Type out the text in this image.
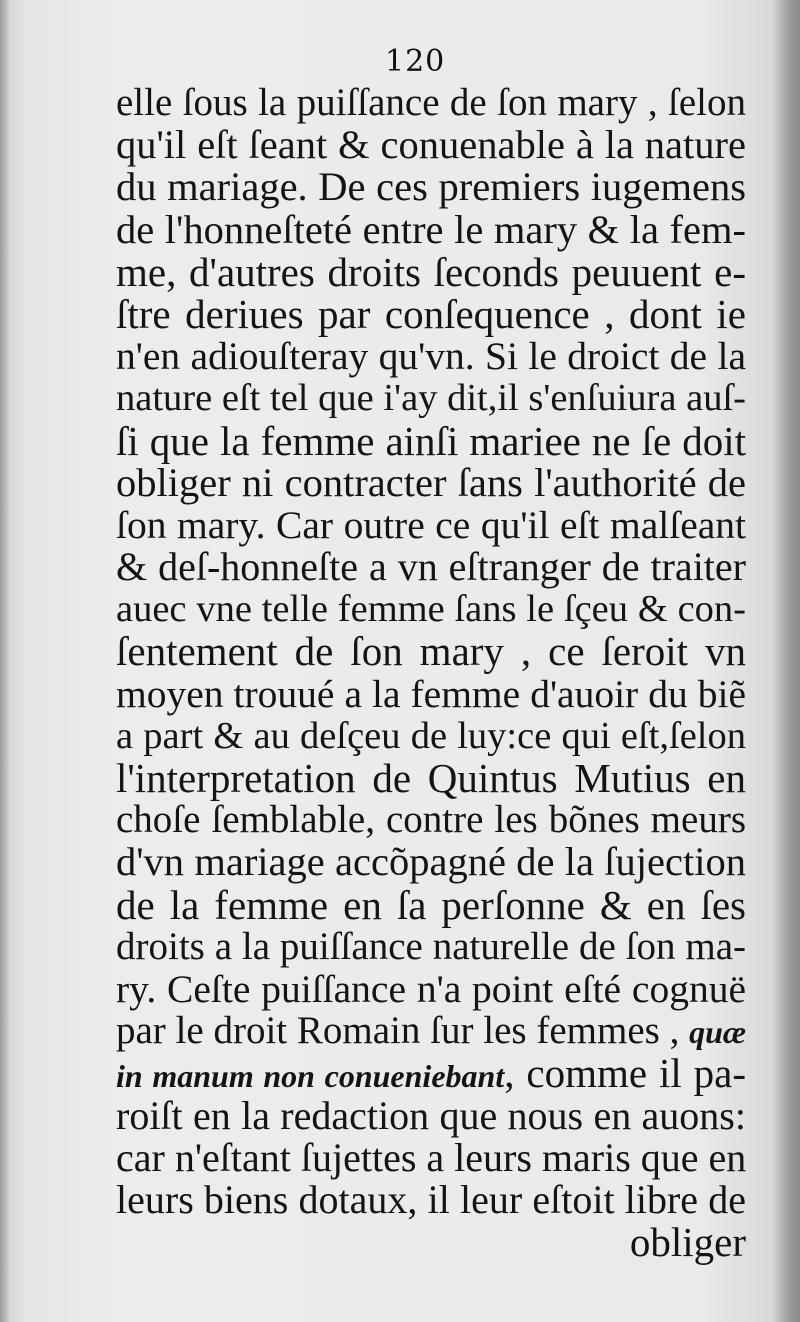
120
elle ſous la puiſſance de ſon mary , ſelon
qu'il eſt ſeant & conuenable à la nature
du mariage. De ces premiers iugemens
de l'honneſteté entre le mary & la fem-
me, d'autres droits ſeconds peuuent e-
ſtre deriues par conſequence , dont ie
n'en adiouſteray qu'vn. Si le droict de la
nature eſt tel que i'ay dit,il s'enſuiura auſ-
ſi que la femme ainſi mariee ne ſe doit
obliger ni contracter ſans l'authorité de
ſon mary. Car outre ce qu'il eſt malſeant
& deſ-honneſte a vn eſtranger de traiter
auec vne telle femme ſans le ſçeu & con-
ſentement de ſon mary , ce ſeroit vn
moyen trouué a la femme d'auoir du biẽ
a part & au deſçeu de luy:ce qui eſt,ſelon
l'interpretation de Quintus Mutius en
choſe ſemblable, contre les bõnes meurs
d'vn mariage accõpagné de la ſujection
de la femme en ſa perſonne & en ſes
droits a la puiſſance naturelle de ſon ma-
ry. Ceſte puiſſance n'a point eſté cognuë
par le droit Romain ſur les femmes , quæ
in manum non conueniebant, comme il pa-
roiſt en la redaction que nous en auons:
car n'eſtant ſujettes a leurs maris que en
leurs biens dotaux, il leur eſtoit libre de
obliger
